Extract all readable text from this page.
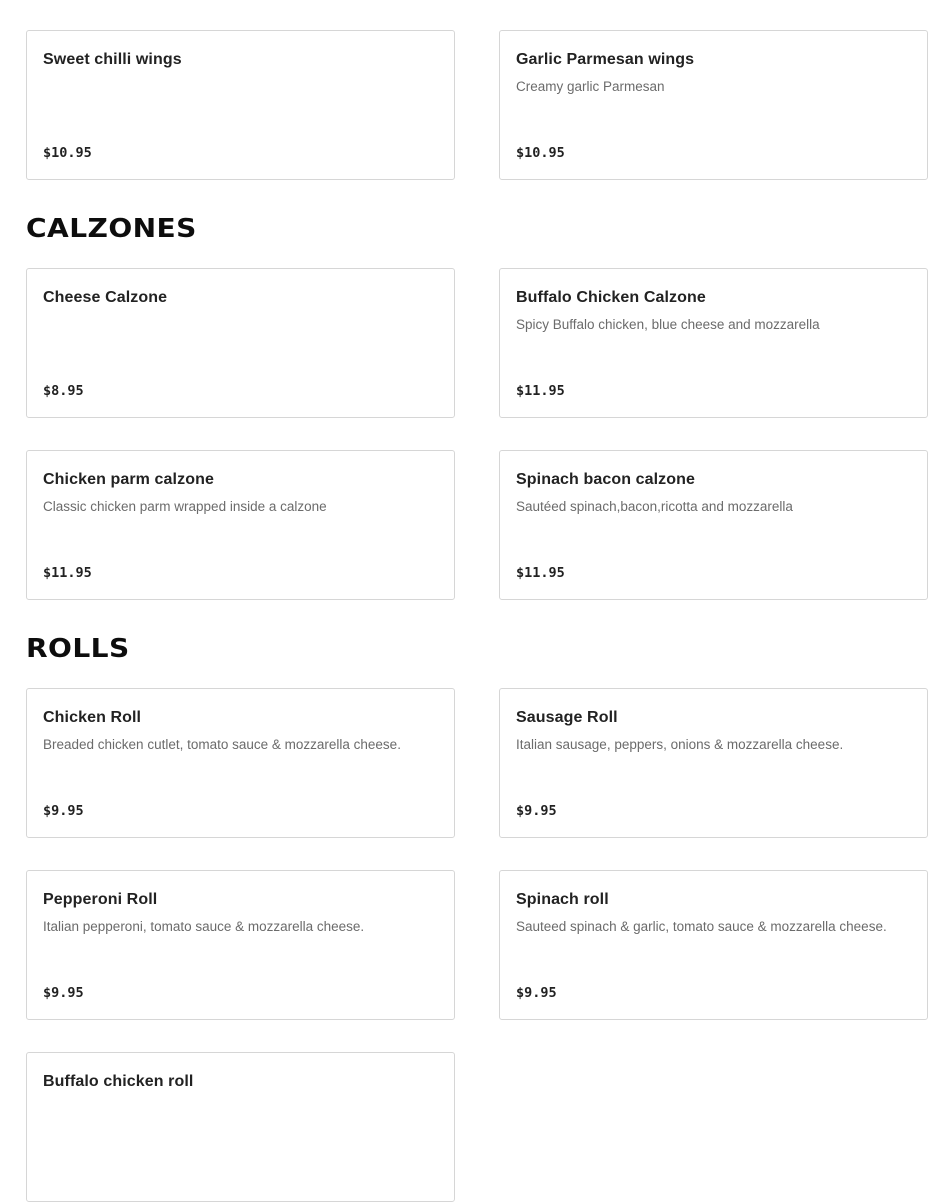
Sweet chilli wings
$10.95
Garlic Parmesan wings
Creamy garlic Parmesan
$10.95
CALZONES
Cheese Calzone
$8.95
Buffalo Chicken Calzone
Spicy Buffalo chicken, blue cheese and mozzarella
$11.95
Chicken parm calzone
Classic chicken parm wrapped inside a calzone
$11.95
Spinach bacon calzone
Sautéed spinach,bacon,ricotta and mozzarella
$11.95
ROLLS
Chicken Roll
Breaded chicken cutlet, tomato sauce & mozzarella cheese.
$9.95
Sausage Roll
Italian sausage, peppers, onions & mozzarella cheese.
$9.95
Pepperoni Roll
Italian pepperoni, tomato sauce & mozzarella cheese.
$9.95
Spinach roll
Sauteed spinach & garlic, tomato sauce & mozzarella cheese.
$9.95
Buffalo chicken roll
